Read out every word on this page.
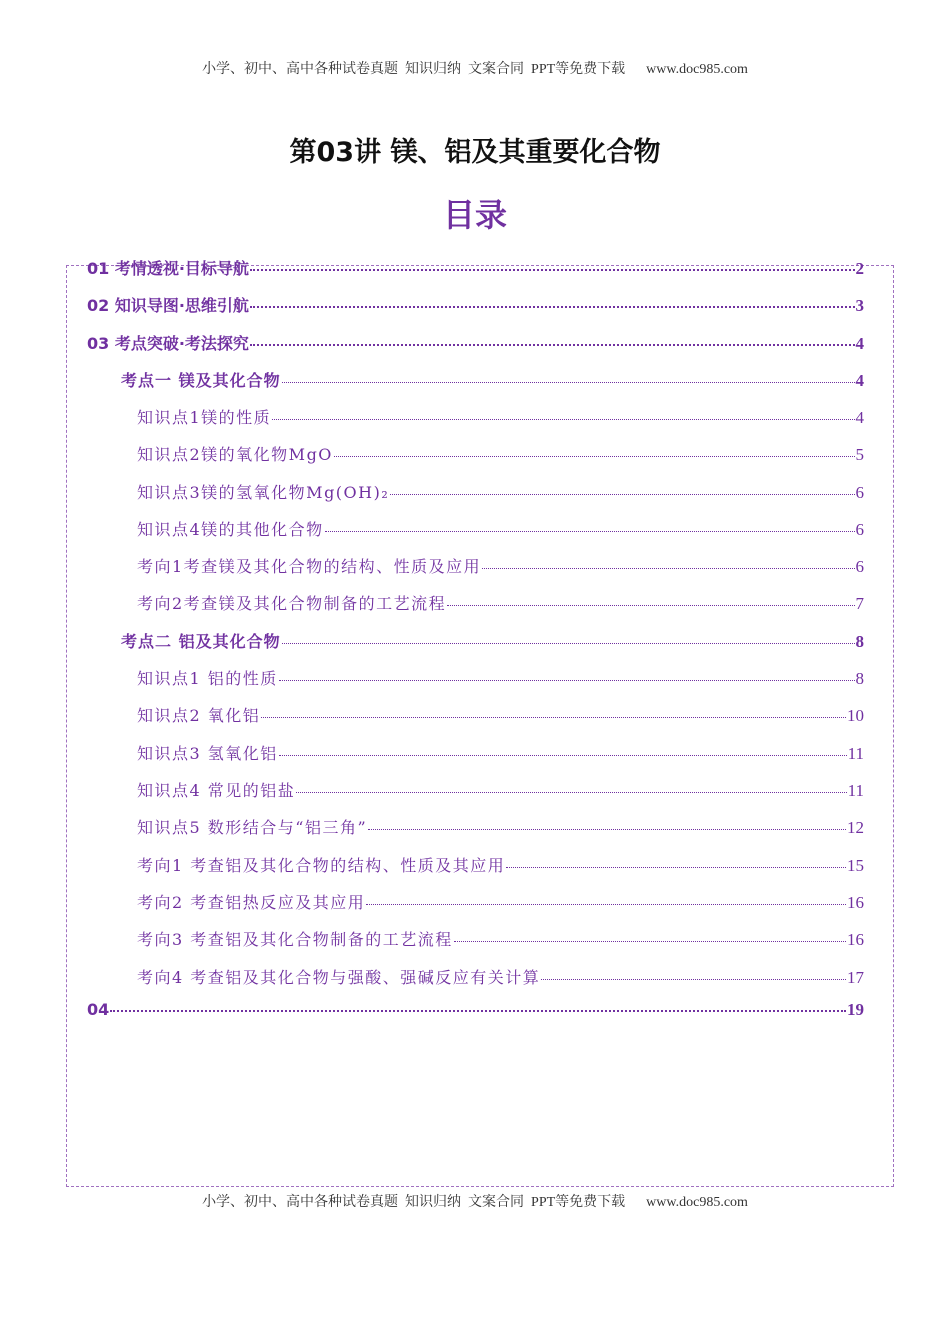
小学、初中、高中各种试卷真题  知识归纳  文案合同  PPT等免费下载      www.doc985.com
第03讲 镁、铝及其重要化合物
目录
01 考情透视·目标导航	2
02 知识导图·思维引航	3
03 考点突破·考法探究	4
考点一 镁及其化合物	4
知识点1镁的性质	4
知识点2镁的氧化物MgO	5
知识点3镁的氢氧化物Mg(OH)₂	6
知识点4镁的其他化合物	6
考向1考查镁及其化合物的结构、性质及应用	6
考向2考查镁及其化合物制备的工艺流程	7
考点二 铝及其化合物	8
知识点1 铝的性质	8
知识点2 氧化铝	10
知识点3 氢氧化铝	11
知识点4 常见的铝盐	11
知识点5 数形结合与“铝三角”	12
考向1 考查铝及其化合物的结构、性质及其应用	15
考向2 考查铝热反应及其应用	16
考向3 考查铝及其化合物制备的工艺流程	16
考向4 考查铝及其化合物与强酸、强碱反应有关计算	17
04	19
小学、初中、高中各种试卷真题  知识归纳  文案合同  PPT等免费下载      www.doc985.com
